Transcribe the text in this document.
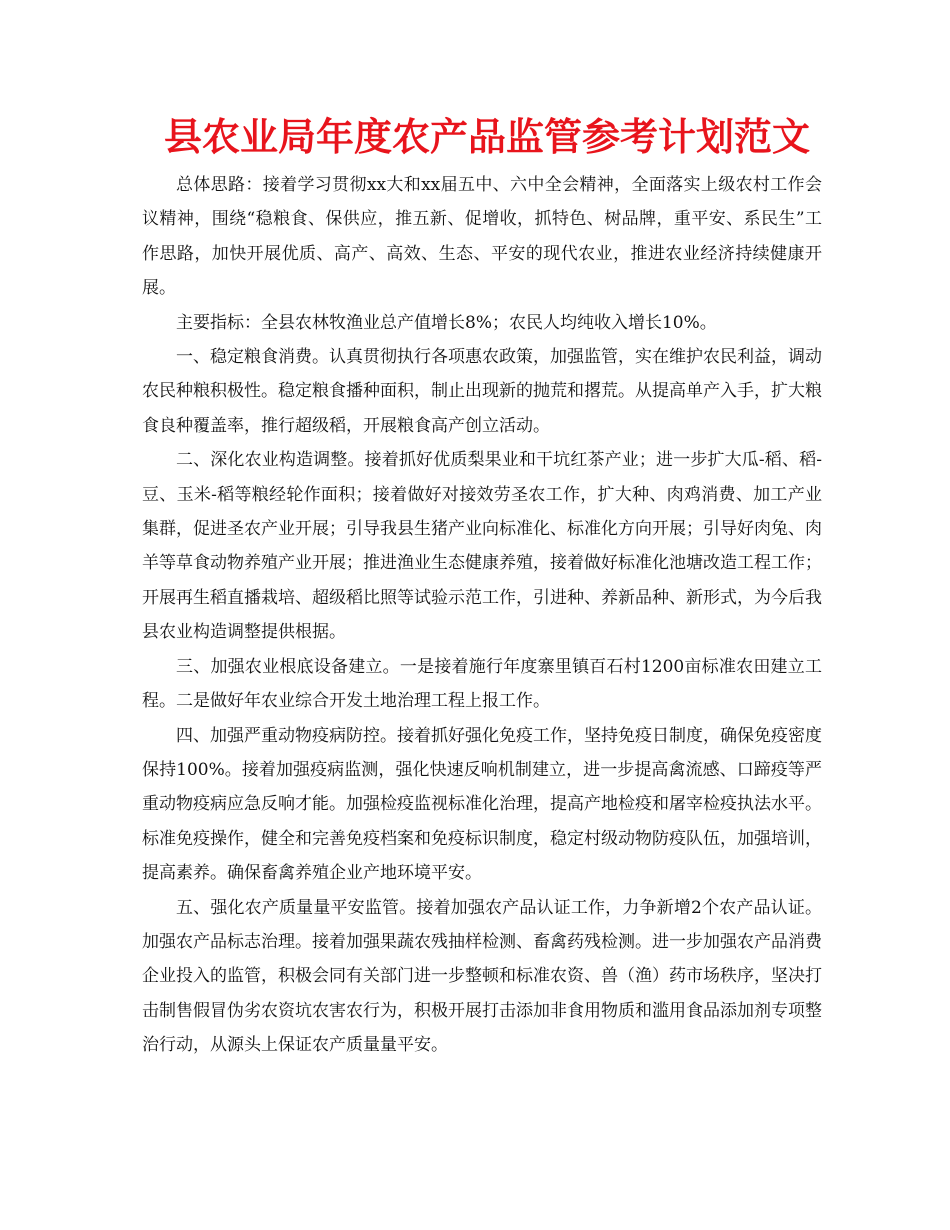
县农业局年度农产品监管参考计划范文

总体思路：接着学习贯彻xx大和xx届五中、六中全会精神，全面落实上级农村工作会议精神，围绕“稳粮食、保供应，推五新、促增收，抓特色、树品牌，重平安、系民生”工作思路，加快开展优质、高产、高效、生态、平安的现代农业，推进农业经济持续健康开展。

主要指标：全县农林牧渔业总产值增长8%；农民人均纯收入增长10%。

一、稳定粮食消费。认真贯彻执行各项惠农政策，加强监管，实在维护农民利益，调动农民种粮积极性。稳定粮食播种面积，制止出现新的抛荒和撂荒。从提高单产入手，扩大粮食良种覆盖率，推行超级稻，开展粮食高产创立活动。

二、深化农业构造调整。接着抓好优质梨果业和干坑红茶产业；进一步扩大瓜-稻、稻-豆、玉米-稻等粮经轮作面积；接着做好对接效劳圣农工作，扩大种、肉鸡消费、加工产业集群，促进圣农产业开展；引导我县生猪产业向标准化、标准化方向开展；引导好肉兔、肉羊等草食动物养殖产业开展；推进渔业生态健康养殖，接着做好标准化池塘改造工程工作；开展再生稻直播栽培、超级稻比照等试验示范工作，引进种、养新品种、新形式，为今后我县农业构造调整提供根据。

三、加强农业根底设备建立。一是接着施行年度寨里镇百石村1200亩标准农田建立工程。二是做好年农业综合开发土地治理工程上报工作。

四、加强严重动物疫病防控。接着抓好强化免疫工作，坚持免疫日制度，确保免疫密度保持100%。接着加强疫病监测，强化快速反响机制建立，进一步提高禽流感、口蹄疫等严重动物疫病应急反响才能。加强检疫监视标准化治理，提高产地检疫和屠宰检疫执法水平。标准免疫操作，健全和完善免疫档案和免疫标识制度，稳定村级动物防疫队伍，加强培训，提高素养。确保畜禽养殖企业产地环境平安。

五、强化农产质量量平安监管。接着加强农产品认证工作，力争新增2个农产品认证。加强农产品标志治理。接着加强果蔬农残抽样检测、畜禽药残检测。进一步加强农产品消费企业投入的监管，积极会同有关部门进一步整顿和标准农资、兽（渔）药市场秩序，坚决打击制售假冒伪劣农资坑农害农行为，积极开展打击添加非食用物质和滥用食品添加剂专项整治行动，从源头上保证农产质量量平安。
